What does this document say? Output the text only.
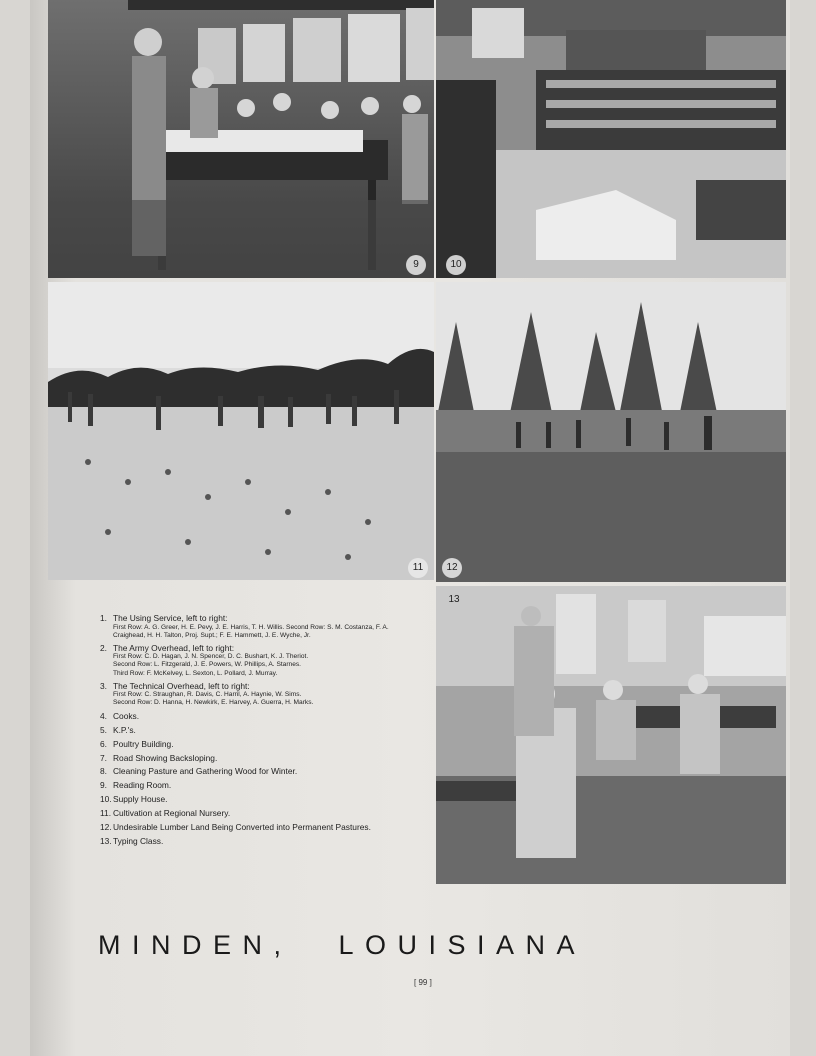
9	10
11	12
13
1. The Using Service, left to right:
First Row: A. G. Greer, H. E. Pevy, J. E. Harris, T. H. Willis. Second Row: S. M. Costanza, F. A. Craighead, H. H. Talton, Proj. Supt.; F. E. Hammett, J. E. Wyche, Jr.
2. The Army Overhead, left to right:
First Row: C. D. Hagan, J. N. Spencer, D. C. Bushart, K. J. Theriot.
Second Row: L. Fitzgerald, J. E. Powers, W. Phillips, A. Starnes.
Third Row: F. McKelvey, L. Sexton, L. Pollard, J. Murray.
3. The Technical Overhead, left to right:
First Row: C. Straughan, R. Davis, C. Harril, A. Haynie, W. Sims.
Second Row: D. Hanna, H. Newkirk, E. Harvey, A. Guerra, H. Marks.
4. Cooks.
5. K.P.'s.
6. Poultry Building.
7. Road Showing Backsloping.
8. Cleaning Pasture and Gathering Wood for Winter.
9. Reading Room.
10.Supply House.
11. Cultivation at Regional Nursery.
12.Undesirable Lumber Land Being Converted into Permanent Pastures.
13.Typing Class.
MINDEN, LOUISIANA
[ 99 ]
